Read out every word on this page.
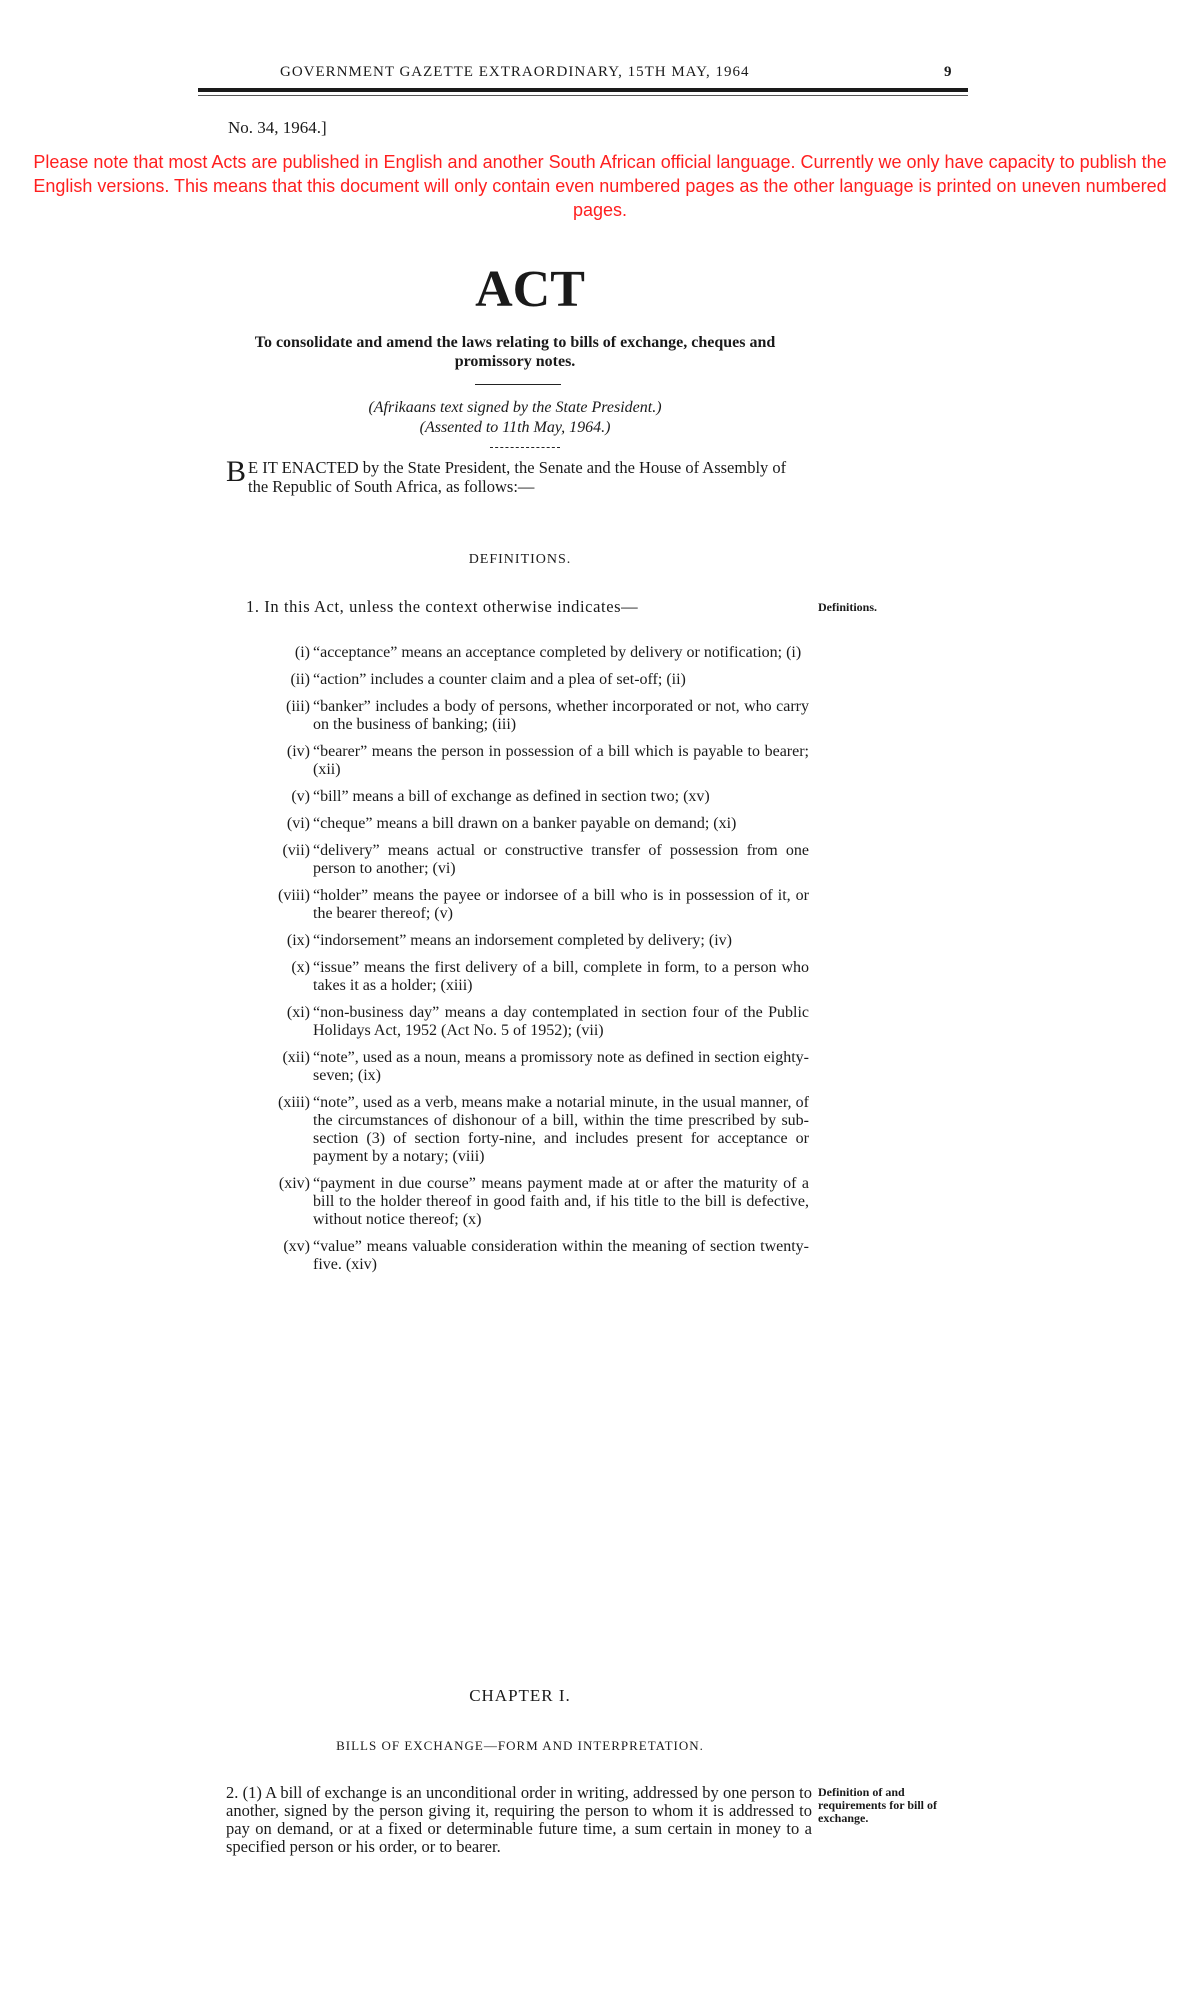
GOVERNMENT GAZETTE EXTRAORDINARY, 15TH MAY, 1964	9
No. 34, 1964.]
Please note that most Acts are published in English and another South African official language. Currently we only have capacity to publish the English versions. This means that this document will only contain even numbered pages as the other language is printed on uneven numbered pages.
ACT
To consolidate and amend the laws relating to bills of exchange, cheques and promissory notes.
(Afrikaans text signed by the State President.)
(Assented to 11th May, 1964.)
B E IT ENACTED by the State President, the Senate and the House of Assembly of the Republic of South Africa, as follows:—
DEFINITIONS.
1. In this Act, unless the context otherwise indicates—	Definitions.
(i) “acceptance” means an acceptance completed by delivery or notification; (i)
(ii) “action” includes a counter claim and a plea of set-off; (ii)
(iii) “banker” includes a body of persons, whether incorporated or not, who carry on the business of banking; (iii)
(iv) “bearer” means the person in possession of a bill which is payable to bearer; (xii)
(v) “bill” means a bill of exchange as defined in section two; (xv)
(vi) “cheque” means a bill drawn on a banker payable on demand; (xi)
(vii) “delivery” means actual or constructive transfer of possession from one person to another; (vi)
(viii) “holder” means the payee or indorsee of a bill who is in possession of it, or the bearer thereof; (v)
(ix) “indorsement” means an indorsement completed by delivery; (iv)
(x) “issue” means the first delivery of a bill, complete in form, to a person who takes it as a holder; (xiii)
(xi) “non-business day” means a day contemplated in section four of the Public Holidays Act, 1952 (Act No. 5 of 1952); (vii)
(xii) “note”, used as a noun, means a promissory note as defined in section eighty-seven; (ix)
(xiii) “note”, used as a verb, means make a notarial minute, in the usual manner, of the circumstances of dishonour of a bill, within the time prescribed by sub-section (3) of section forty-nine, and includes present for acceptance or payment by a notary; (viii)
(xiv) “payment in due course” means payment made at or after the maturity of a bill to the holder thereof in good faith and, if his title to the bill is defective, without notice thereof; (x)
(xv) “value” means valuable consideration within the meaning of section twenty-five. (xiv)
CHAPTER I.
BILLS OF EXCHANGE—FORM AND INTERPRETATION.
2. (1) A bill of exchange is an unconditional order in writing, addressed by one person to another, signed by the person giving it, requiring the person to whom it is addressed to pay on demand, or at a fixed or determinable future time, a sum certain in money to a specified person or his order, or to bearer.
Definition of and requirements for bill of exchange.
